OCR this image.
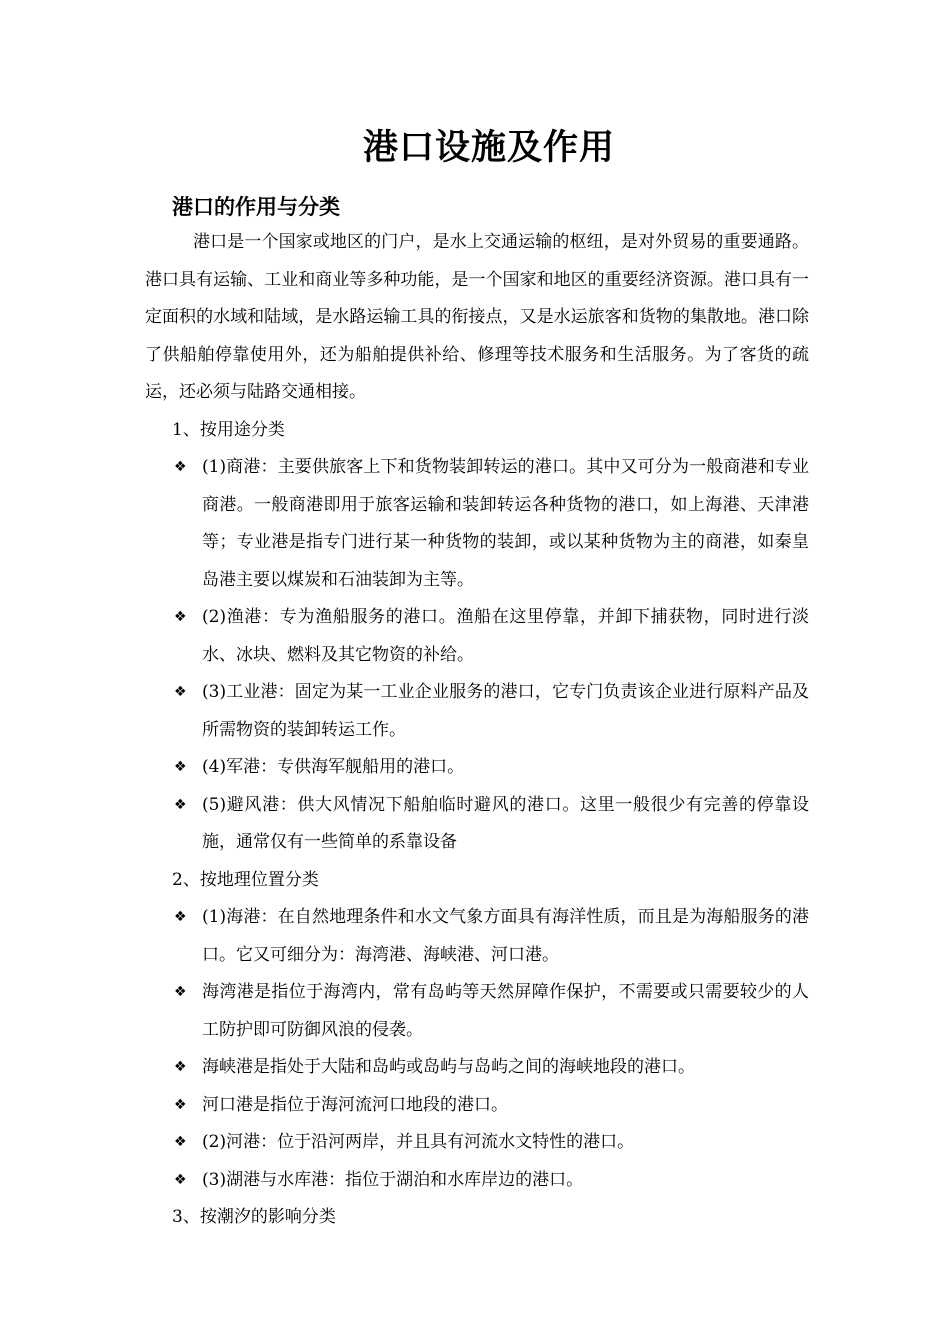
港口设施及作用
港口的作用与分类

港口是一个国家或地区的门户，是水上交通运输的枢纽，是对外贸易的重要通路。港口具有运输、工业和商业等多种功能，是一个国家和地区的重要经济资源。港口具有一定面积的水域和陆域，是水路运输工具的衔接点，又是水运旅客和货物的集散地。港口除了供船舶停靠使用外，还为船舶提供补给、修理等技术服务和生活服务。为了客货的疏运，还必须与陆路交通相接。

1、按用途分类

❖ (1)商港：主要供旅客上下和货物装卸转运的港口。其中又可分为一般商港和专业商港。一般商港即用于旅客运输和装卸转运各种货物的港口，如上海港、天津港等；专业港是指专门进行某一种货物的装卸，或以某种货物为主的商港，如秦皇岛港主要以煤炭和石油装卸为主等。

❖ (2)渔港：专为渔船服务的港口。渔船在这里停靠，并卸下捕获物，同时进行淡水、冰块、燃料及其它物资的补给。

❖ (3)工业港：固定为某一工业企业服务的港口，它专门负责该企业进行原料产品及所需物资的装卸转运工作。

❖ (4)军港：专供海军舰船用的港口。

❖ (5)避风港：供大风情况下船舶临时避风的港口。这里一般很少有完善的停靠设施，通常仅有一些简单的系靠设备

2、按地理位置分类

❖ (1)海港：在自然地理条件和水文气象方面具有海洋性质，而且是为海船服务的港口。它又可细分为：海湾港、海峡港、河口港。

❖ 海湾港是指位于海湾内，常有岛屿等天然屏障作保护，不需要或只需要较少的人工防护即可防御风浪的侵袭。

❖ 海峡港是指处于大陆和岛屿或岛屿与岛屿之间的海峡地段的港口。

❖ 河口港是指位于海河流河口地段的港口。

❖ (2)河港：位于沿河两岸，并且具有河流水文特性的港口。

❖ (3)湖港与水库港：指位于湖泊和水库岸边的港口。

3、按潮汐的影响分类
